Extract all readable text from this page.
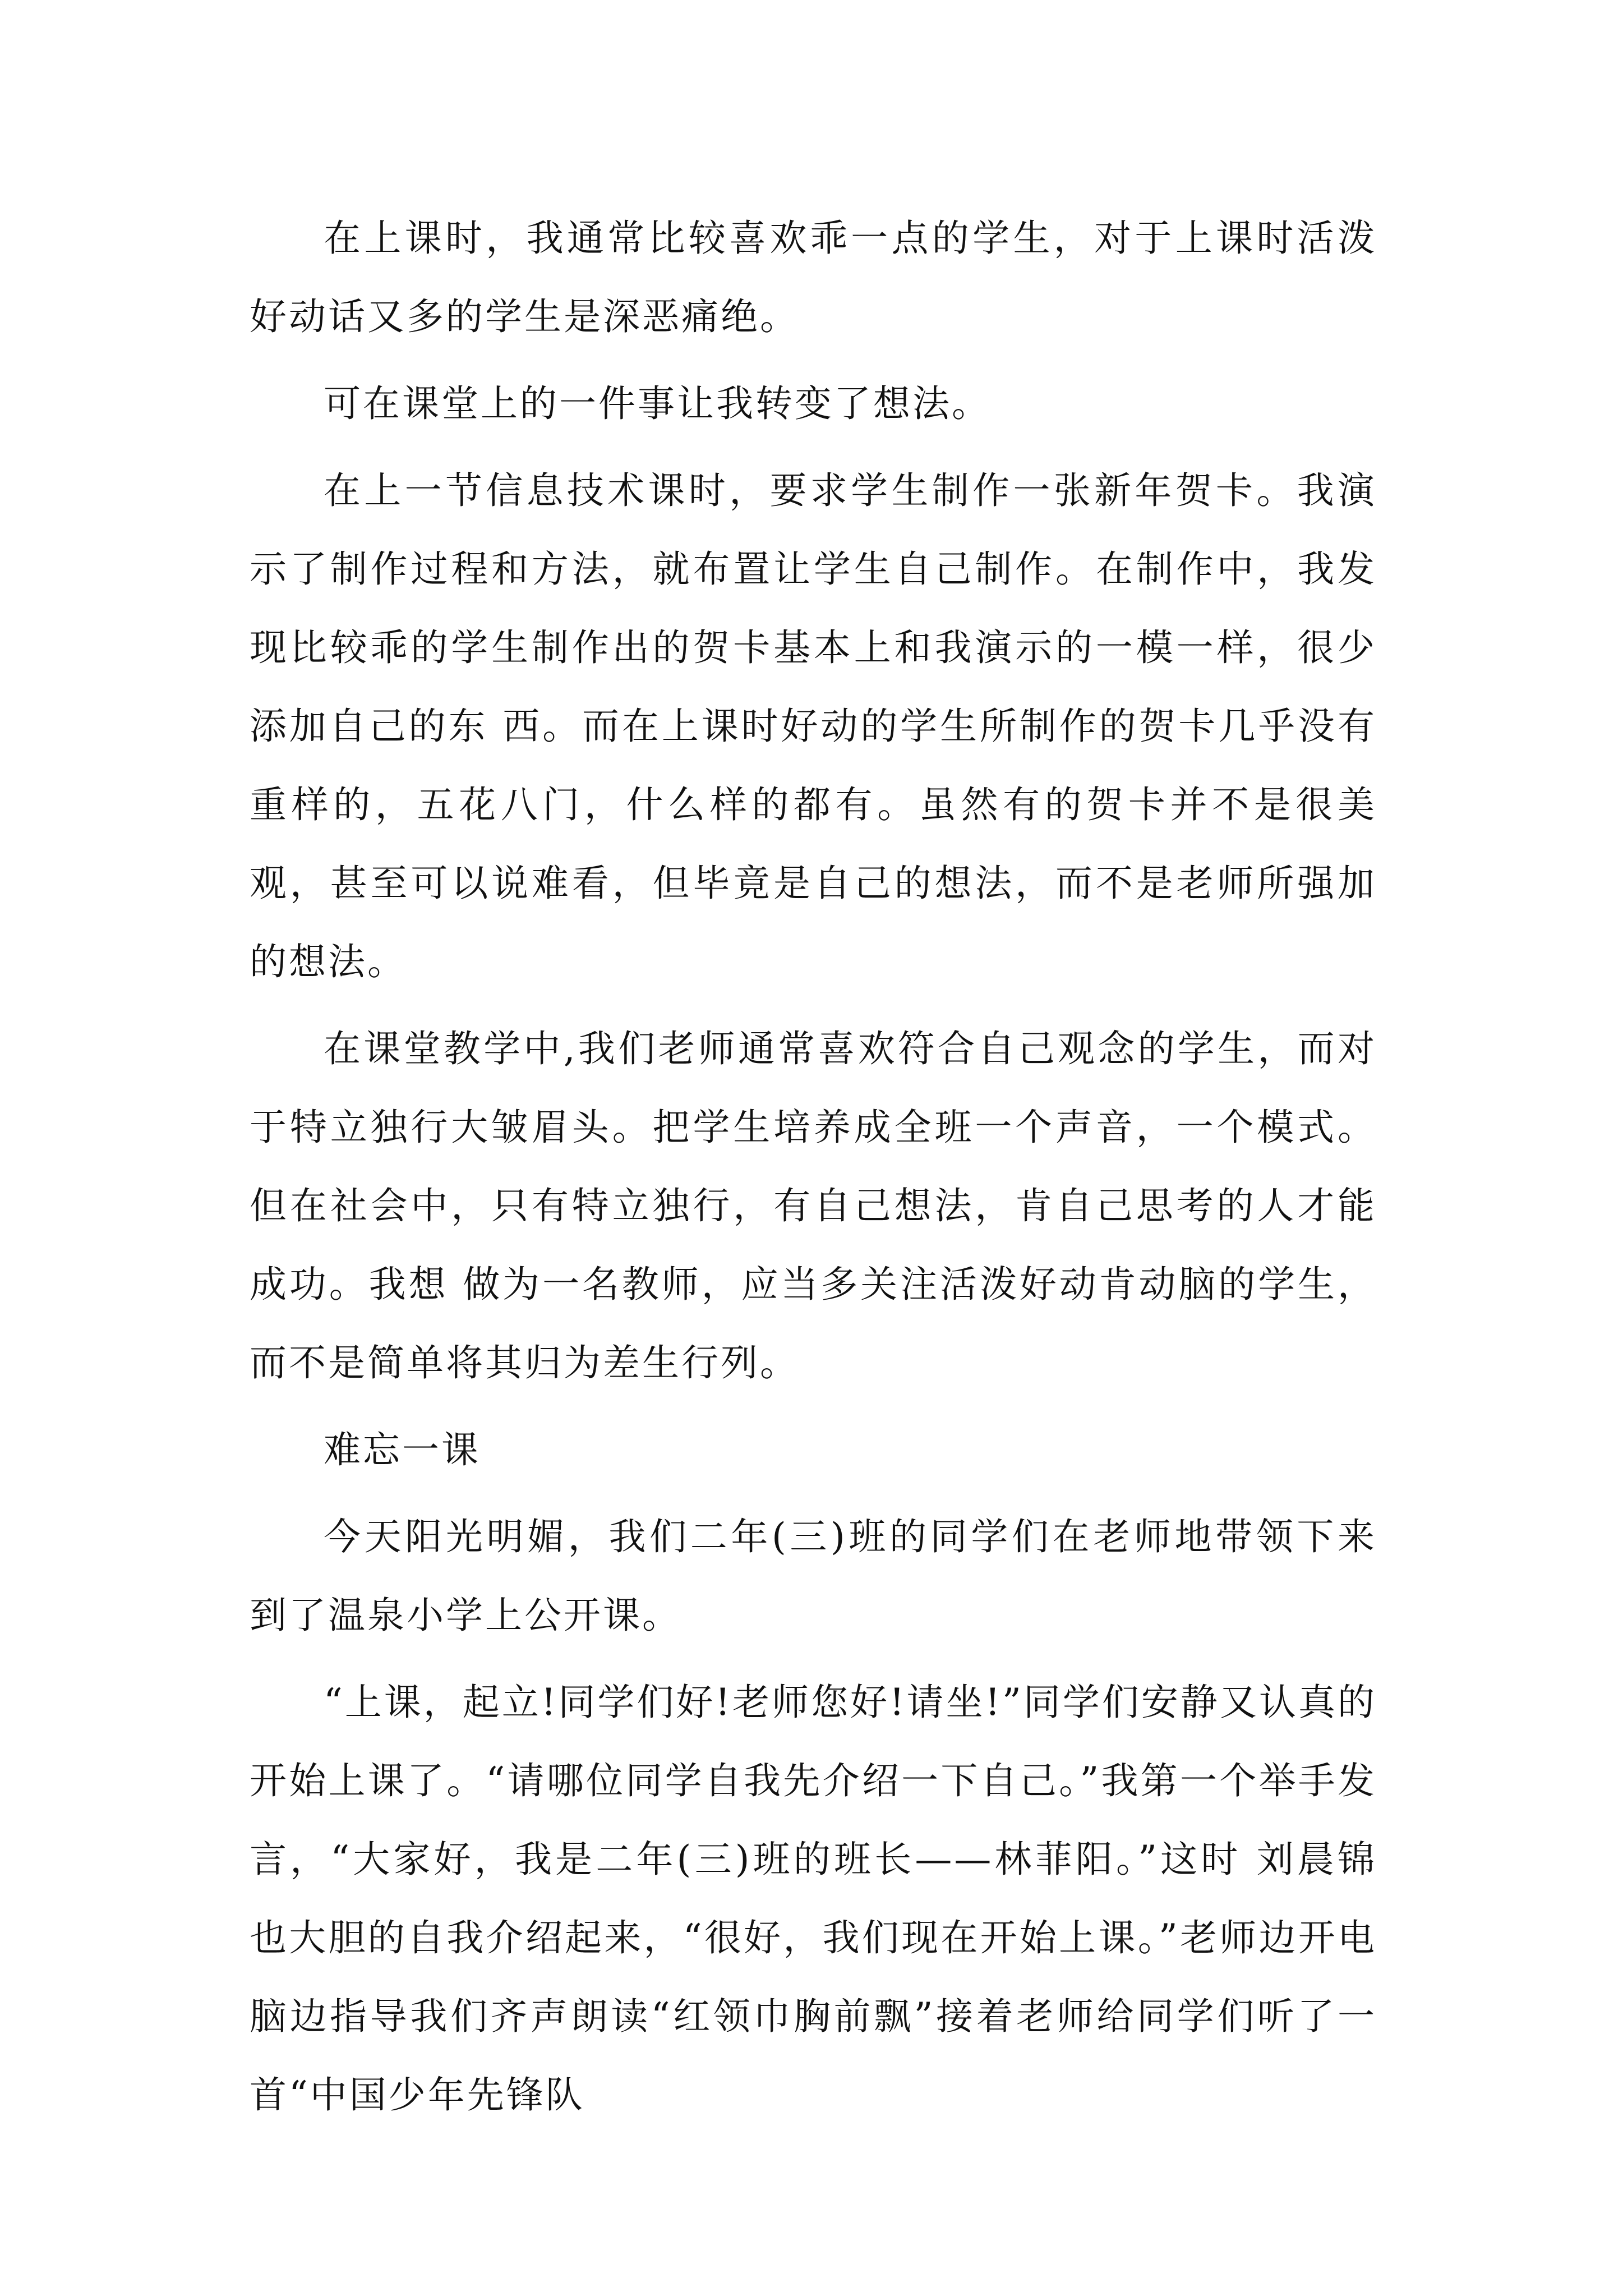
在上课时，我通常比较喜欢乖一点的学生，对于上课时活泼好动话又多的学生是深恶痛绝。

可在课堂上的一件事让我转变了想法。

在上一节信息技术课时，要求学生制作一张新年贺卡。我演示了制作过程和方法，就布置让学生自己制作。在制作中，我发现比较乖的学生制作出的贺卡基本上和我演示的一模一样，很少添加自己的东 西。而在上课时好动的学生所制作的贺卡几乎没有重样的，五花八门，什么样的都有。虽然有的贺卡并不是很美观，甚至可以说难看，但毕竟是自己的想法，而不是老师所强加的想法。

在课堂教学中,我们老师通常喜欢符合自己观念的学生，而对于特立独行大皱眉头。把学生培养成全班一个声音，一个模式。但在社会中，只有特立独行，有自己想法，肯自己思考的人才能成功。我想 做为一名教师，应当多关注活泼好动肯动脑的学生，而不是简单将其归为差生行列。

难忘一课

今天阳光明媚，我们二年(三)班的同学们在老师地带领下来到了温泉小学上公开课。

“上课，起立!同学们好!老师您好!请坐!”同学们安静又认真的开始上课了。“请哪位同学自我先介绍一下自己。”我第一个举手发言，“大家好，我是二年(三)班的班长——林菲阳。”这时 刘晨锦也大胆的自我介绍起来，“很好，我们现在开始上课。”老师边开电脑边指导我们齐声朗读“红领巾胸前飘”接着老师给同学们听了一首“中国少年先锋队
